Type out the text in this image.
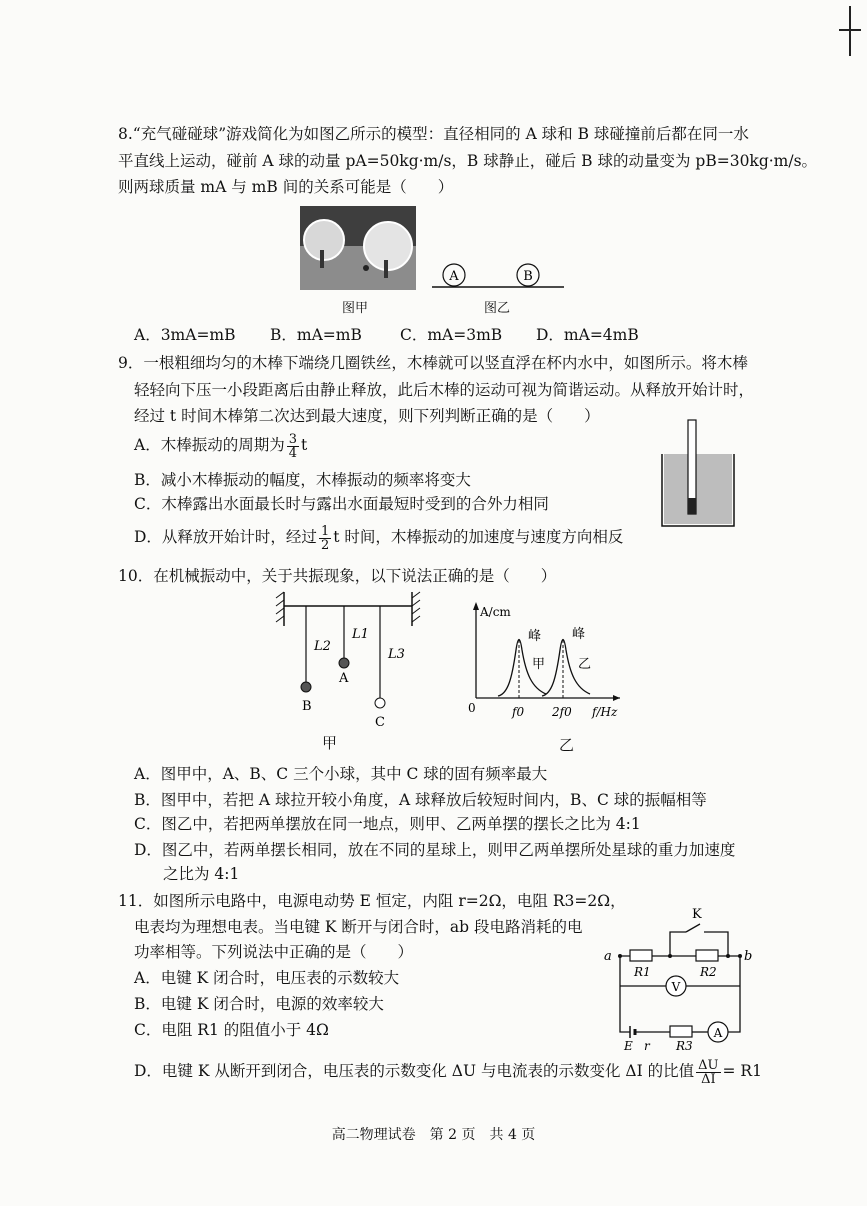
8.“充气碰碰球”游戏简化为如图乙所示的模型：直径相同的 A 球和 B 球碰撞前后都在同一水
平直线上运动，碰前 A 球的动量 pA=50kg·m/s，B 球静止，碰后 B 球的动量变为 pB=30kg·m/s。
则两球质量 mA 与 mB 间的关系可能是（　　）
图甲
A	B
图乙
A．3mA=mB B．mA=mB C．mA=3mB D．mA=4mB
9．一根粗细均匀的木棒下端绕几圈铁丝，木棒就可以竖直浮在杯内水中，如图所示。将木棒
轻轻向下压一小段距离后由静止释放，此后木棒的运动可视为简谐运动。从释放开始计时，
经过 t 时间木棒第二次达到最大速度，则下列判断正确的是（　　）
A．木棒振动的周期为 $\frac{3}{4}$ t
B．减小木棒振动的幅度，木棒振动的频率将变大
C．木棒露出水面最长时与露出水面最短时受到的合外力相同
D．从释放开始计时，经过 $\frac{1}{2}$ t 时间，木棒振动的加速度与速度方向相反
10．在机械振动中，关于共振现象，以下说法正确的是（　　）
L2
L1
L3
B
A
C
甲
A/cm
0	f0 2f0 f/Hz
峰 峰
甲	乙
乙
A．图甲中，A、B、C 三个小球，其中 C 球的固有频率最大
B．图甲中，若把 A 球拉开较小角度，A 球释放后较短时间内，B、C 球的振幅相等
C．图乙中，若把两单摆放在同一地点，则甲、乙两单摆的摆长之比为 4:1
D．图乙中，若两单摆长相同，放在不同的星球上，则甲乙两单摆所处星球的重力加速度
之比为 4:1
11．如图所示电路中，电源电动势 E 恒定，内阻 r=2Ω，电阻 R3=2Ω，
电表均为理想电表。当电键 K 断开与闭合时，ab 段电路消耗的电
功率相等。下列说法中正确的是（　　）
A．电键 K 闭合时，电压表的示数较大
B．电键 K 闭合时，电源的效率较大
C．电阻 R1 的阻值小于 4Ω
D．电键 K 从断开到闭合，电压表的示数变化 ΔU 与电流表的示数变化 ΔI 的比值 $\frac{\Delta U}{\Delta I} = R1$
V
A
K
a	b
R1	R2
R3
E r
高二物理试卷　第 2 页　共 4 页
